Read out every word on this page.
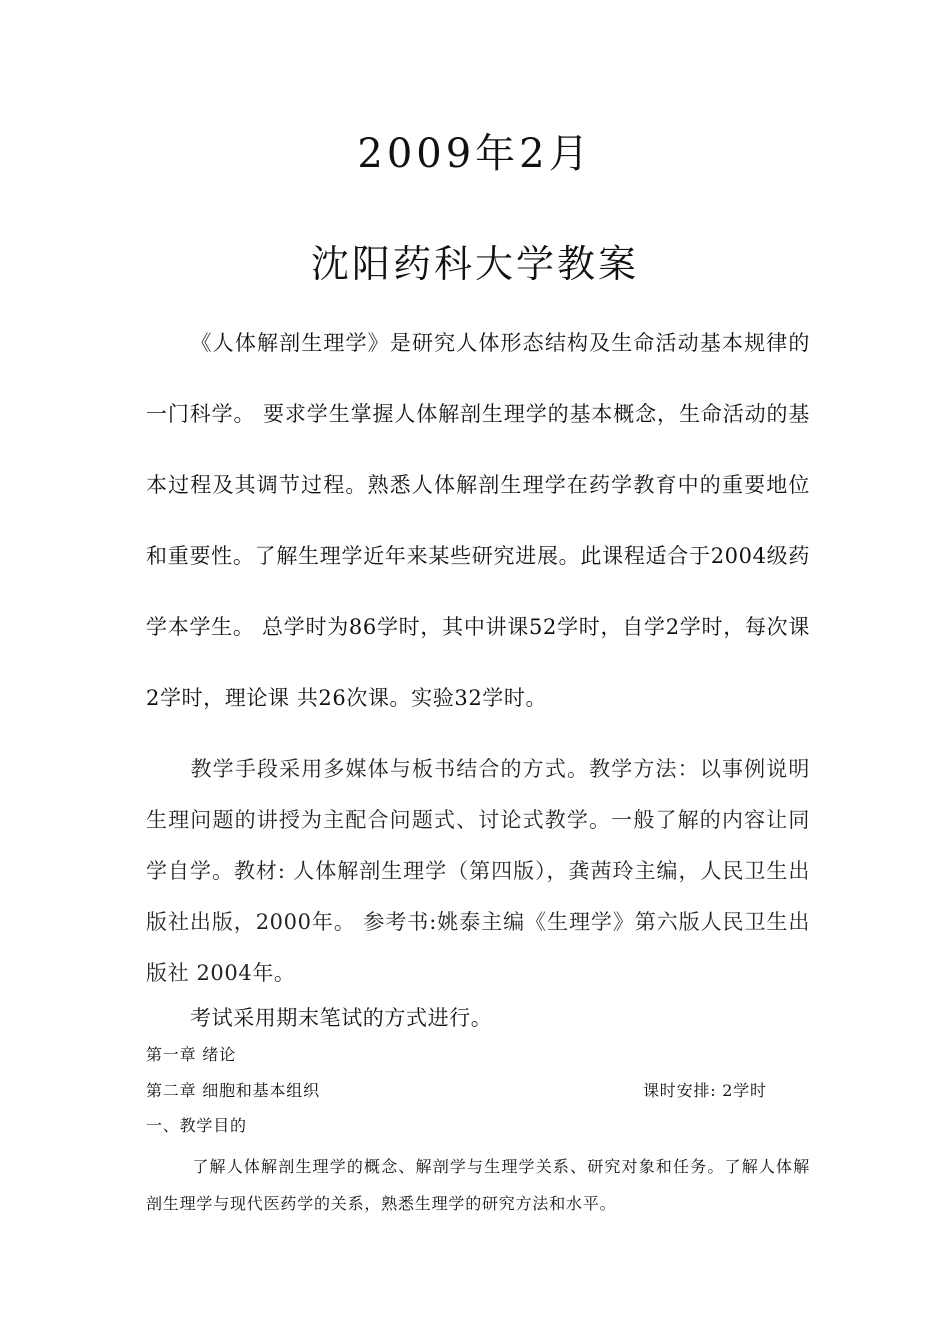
2009年2月
沈阳药科大学教案

《人体解剖生理学》是研究人体形态结构及生命活动基本规律的一门科学。 要求学生掌握人体解剖生理学的基本概念，生命活动的基本过程及其调节过程。熟悉人体解剖生理学在药学教育中的重要地位和重要性。了解生理学近年来某些研究进展。此课程适合于2004级药学本学生。 总学时为86学时，其中讲课52学时，自学2学时，每次课2学时，理论课 共26次课。实验32学时。

教学手段采用多媒体与板书结合的方式。教学方法：以事例说明生理问题的讲授为主配合问题式、讨论式教学。一般了解的内容让同学自学。教材: 人体解剖生理学（第四版），龚茜玲主编，人民卫生出版社出版，2000年。 参考书:姚泰主编《生理学》第六版人民卫生出版社 2004年。

考试采用期末笔试的方式进行。

第一章 绪论

第二章 细胞和基本组织	课时安排: 2学时

一、教学目的

了解人体解剖生理学的概念、解剖学与生理学关系、研究对象和任务。了解人体解剖生理学与现代医药学的关系，熟悉生理学的研究方法和水平。
